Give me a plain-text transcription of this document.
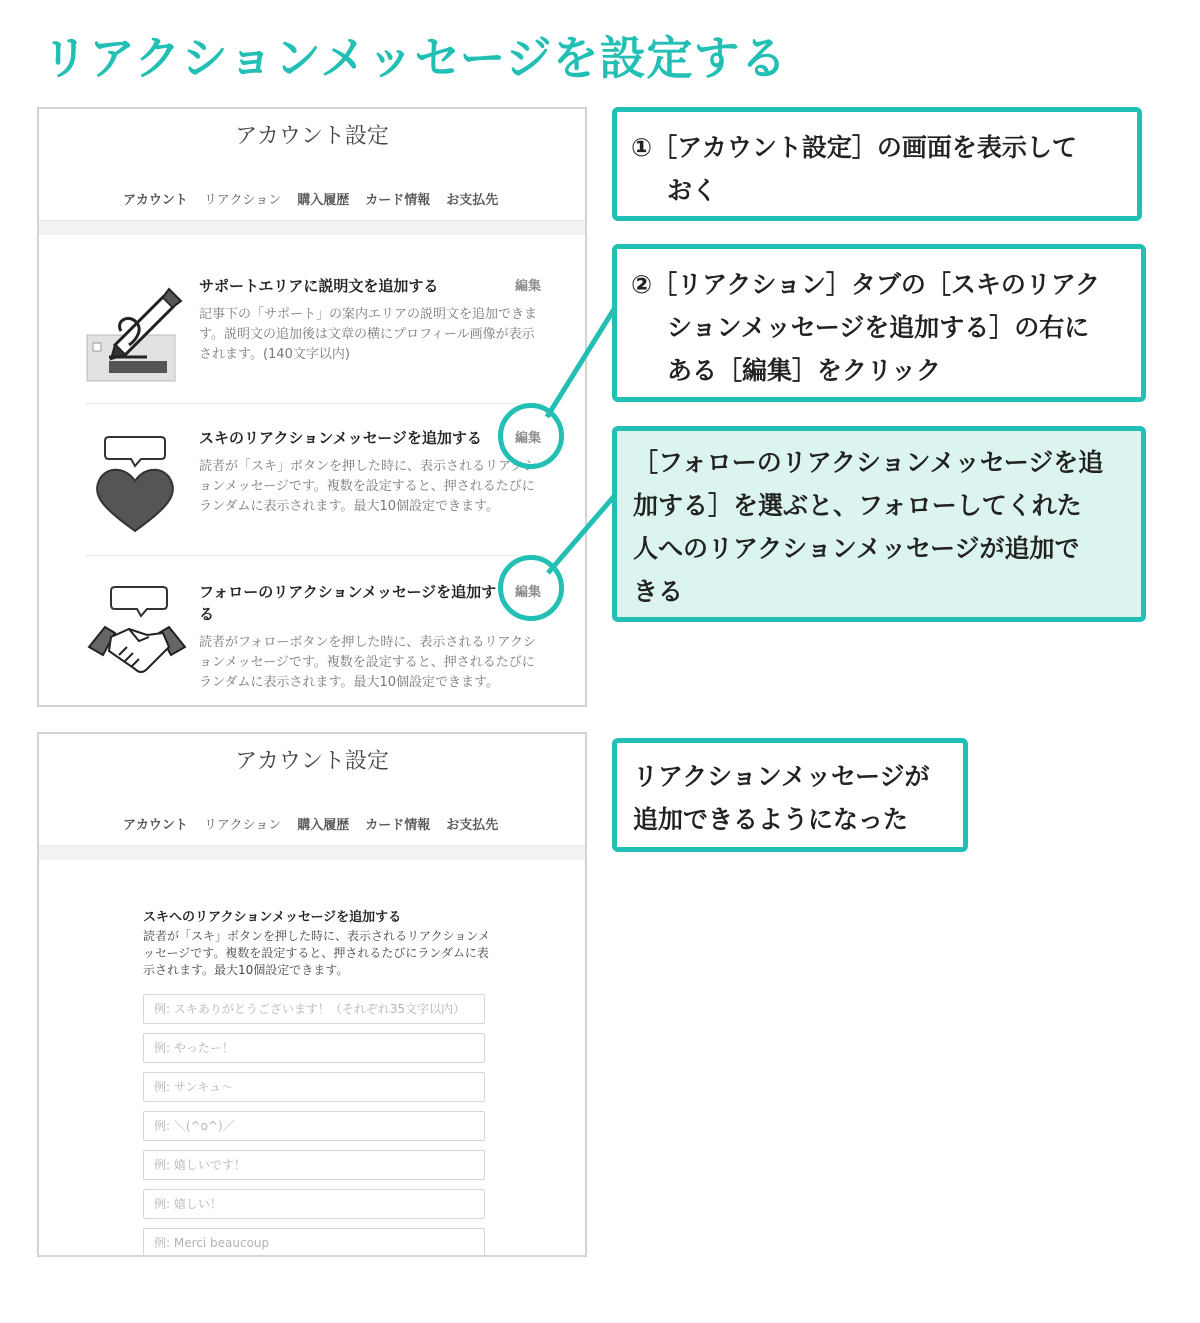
リアクションメッセージを設定する
アカウント設定
アカウント リアクション 購入履歴 カード情報 お支払先
サポートエリアに説明文を追加する	編集
記事下の「サポート」の案内エリアの説明文を追加できます。説明文の追加後は文章の横にプロフィール画像が表示されます。(140文字以内)
スキのリアクションメッセージを追加する	編集
読者が「スキ」ボタンを押した時に、表示されるリアクションメッセージです。複数を設定すると、押されるたびにランダムに表示されます。最大10個設定できます。
フォローのリアクションメッセージを追加する
編集
読者がフォローボタンを押した時に、表示されるリアクションメッセージです。複数を設定すると、押されるたびにランダムに表示されます。最大10個設定できます。
アカウント設定
アカウント リアクション 購入履歴 カード情報 お支払先
スキへのリアクションメッセージを追加する
読者が「スキ」ボタンを押した時に、表示されるリアクションメッセージです。複数を設定すると、押されるたびにランダムに表示されます。最大10個設定できます。
例: スキありがとうございます！（それぞれ35文字以内）
例: やったー！
例: サンキュ～
例: ＼(^o^)／
例: 嬉しいです！
例: 嬉しい！
例: Merci beaucoup
①［アカウント設定］の画面を表示して
おく
②［リアクション］タブの［スキのリアク
ションメッセージを追加する］の右に
ある［編集］をクリック
［フォローのリアクションメッセージを追
加する］を選ぶと、フォローしてくれた
人へのリアクションメッセージが追加で
きる
リアクションメッセージが
追加できるようになった
